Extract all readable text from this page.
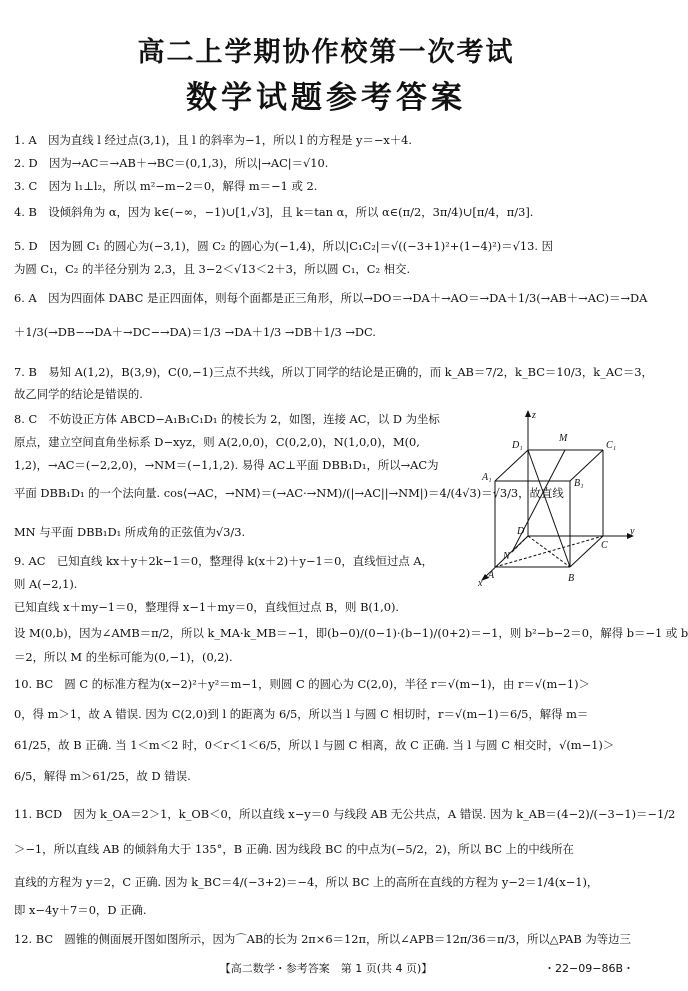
高二上学期协作校第一次考试
数学试题参考答案
1. A　因为直线 l 经过点(3,1)，且 l 的斜率为−1，所以 l 的方程是 y＝−x＋4.
2. D　因为→AC＝→AB＋→BC＝(0,1,3)，所以|→AC|＝√10.
3. C　因为 l₁⊥l₂，所以 m²−m−2＝0，解得 m＝−1 或 2.
4. B　设倾斜角为 α，因为 k∈(−∞，−1)∪[1,√3]，且 k＝tan α，所以 α∈(π/2，3π/4)∪[π/4，π/3].
5. D　因为圆 C₁ 的圆心为(−3,1)，圆 C₂ 的圆心为(−1,4)，所以|C₁C₂|＝√((−3+1)²+(1−4)²)＝√13. 因
为圆 C₁，C₂ 的半径分别为 2,3，且 3−2＜√13＜2＋3，所以圆 C₁，C₂ 相交.
6. A　因为四面体 DABC 是正四面体，则每个面都是正三角形，所以→DO＝→DA＋→AO＝→DA＋1/3(→AB＋→AC)＝→DA
＋1/3(→DB−→DA＋→DC−→DA)＝1/3 →DA＋1/3 →DB＋1/3 →DC.
7. B　易知 A(1,2)，B(3,9)，C(0,−1)三点不共线，所以丁同学的结论是正确的，而 k_AB＝7/2，k_BC＝10/3，k_AC＝3，
故乙同学的结论是错误的.
8. C　不妨设正方体 ABCD−A₁B₁C₁D₁ 的棱长为 2，如图，连接 AC，以 D 为坐标
原点，建立空间直角坐标系 D−xyz，则 A(2,0,0)，C(0,2,0)，N(1,0,0)，M(0,
1,2)，→AC＝(−2,2,0)，→NM＝(−1,1,2). 易得 AC⊥平面 DBB₁D₁，所以→AC为
平面 DBB₁D₁ 的一个法向量. cos⟨→AC，→NM⟩＝(→AC·→NM)/(|→AC||→NM|)＝4/(4√3)＝√3/3，故直线
MN 与平面 DBB₁D₁ 所成角的正弦值为√3/3.
9. AC　已知直线 kx＋y＋2k−1＝0，整理得 k(x＋2)＋y−1＝0，直线恒过点 A，
则 A(−2,1).
已知直线 x＋my−1＝0，整理得 x−1＋my＝0，直线恒过点 B，则 B(1,0).
设 M(0,b)，因为∠AMB＝π/2，所以 k_MA·k_MB＝−1，即(b−0)/(0−1)·(b−1)/(0+2)＝−1，则 b²−b−2＝0，解得 b＝−1 或 b
＝2，所以 M 的坐标可能为(0,−1)，(0,2).
10. BC　圆 C 的标准方程为(x−2)²＋y²＝m−1，则圆 C 的圆心为 C(2,0)，半径 r＝√(m−1)，由 r＝√(m−1)＞
0，得 m＞1，故 A 错误. 因为 C(2,0)到 l 的距离为 6/5，所以当 l 与圆 C 相切时，r＝√(m−1)＝6/5，解得 m＝
61/25，故 B 正确. 当 1＜m＜2 时，0＜r＜1＜6/5，所以 l 与圆 C 相离，故 C 正确. 当 l 与圆 C 相交时，√(m−1)＞
6/5，解得 m＞61/25，故 D 错误.
11. BCD　因为 k_OA＝2＞1，k_OB＜0，所以直线 x−y＝0 与线段 AB 无公共点，A 错误. 因为 k_AB＝(4−2)/(−3−1)＝−1/2
＞−1，所以直线 AB 的倾斜角大于 135°，B 正确. 因为线段 BC 的中点为(−5/2，2)，所以 BC 上的中线所在
直线的方程为 y＝2，C 正确. 因为 k_BC＝4/(−3+2)＝−4，所以 BC 上的高所在直线的方程为 y−2＝1/4(x−1)，
即 x−4y＋7＝0，D 正确.
12. BC　圆锥的侧面展开图如图所示，因为⌒AB的长为 2π×6＝12π，所以∠APB＝12π/36＝π/3，所以△PAB 为等边三
z
y
x
D₁
M
C₁
A₁
B₁
D
C
N
A	B
【高二数学・参考答案　第 1 页(共 4 页)】	・22−09−86B・
